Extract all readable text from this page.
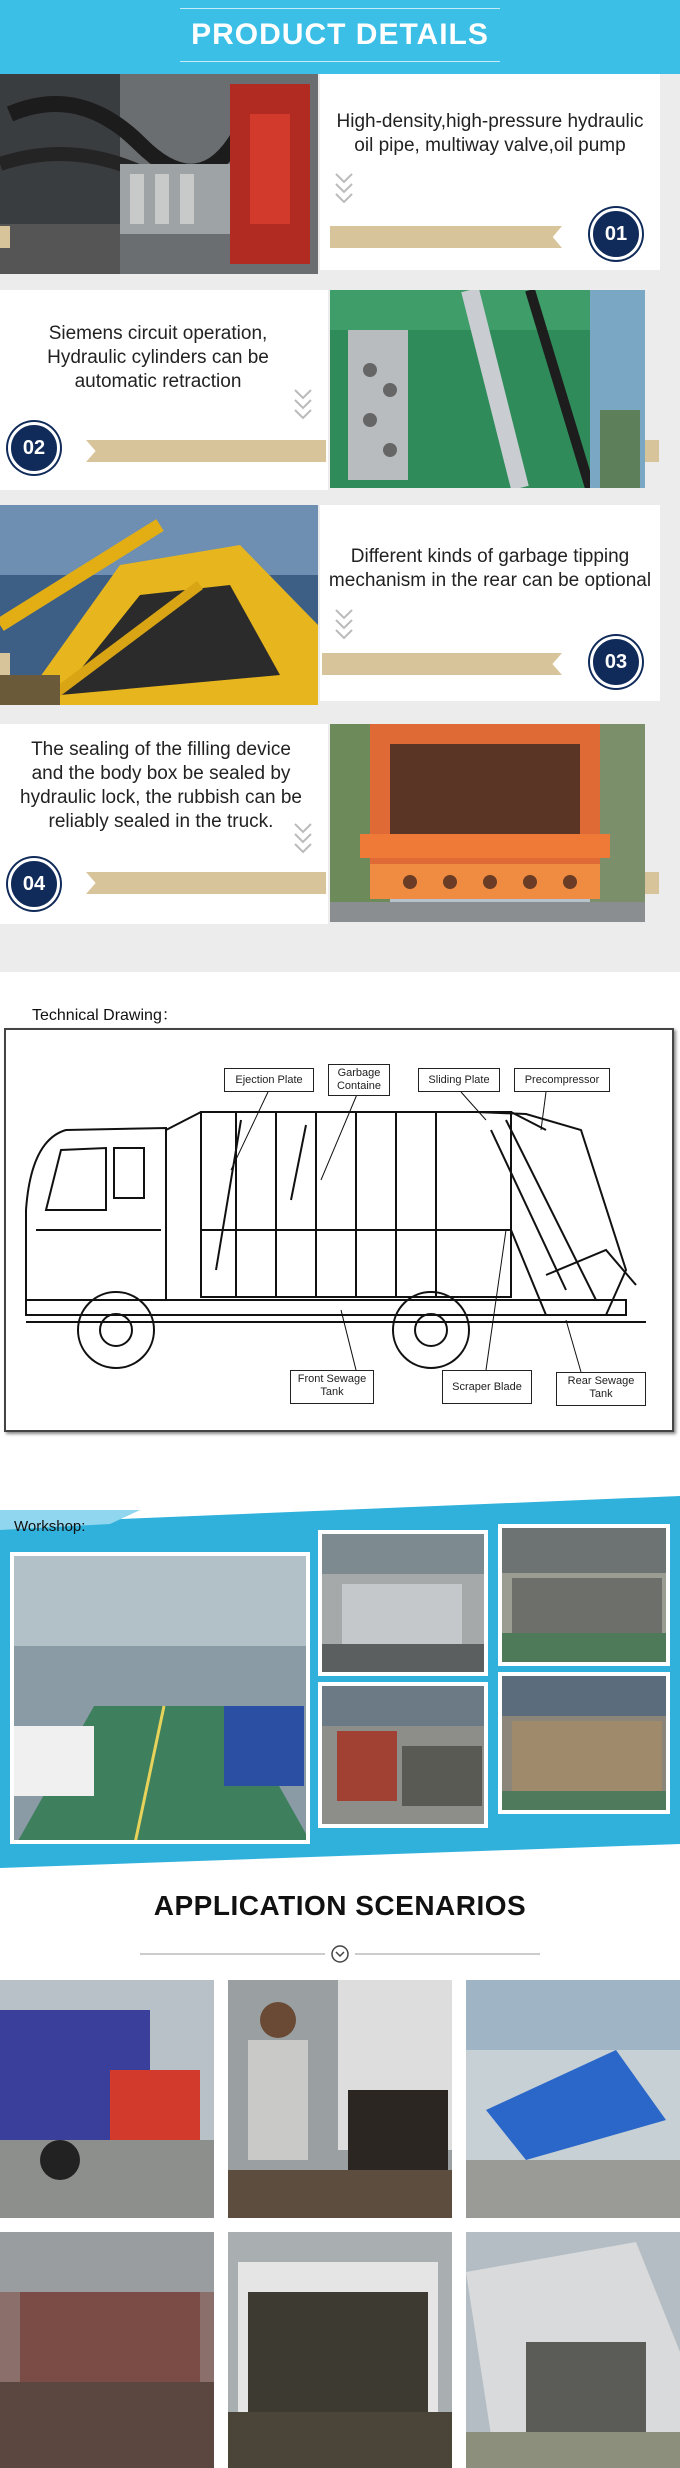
PRODUCT DETAILS
High-density,high-pressure hydraulic oil pipe, multiway valve,oil pump
01
Siemens circuit operation, Hydraulic cylinders can be automatic retraction
02
Different kinds of garbage tipping mechanism in the rear can be optional
03
The sealing of the filling device and the body box be sealed by hydraulic lock, the rubbish can be reliably sealed in the truck.
04
Technical Drawing：
Ejection Plate
Garbage Containe	Sliding Plate	Precompressor
Front Sewage Tank	Scraper Blade	Rear Sewage Tank
Workshop:
APPLICATION SCENARIOS
